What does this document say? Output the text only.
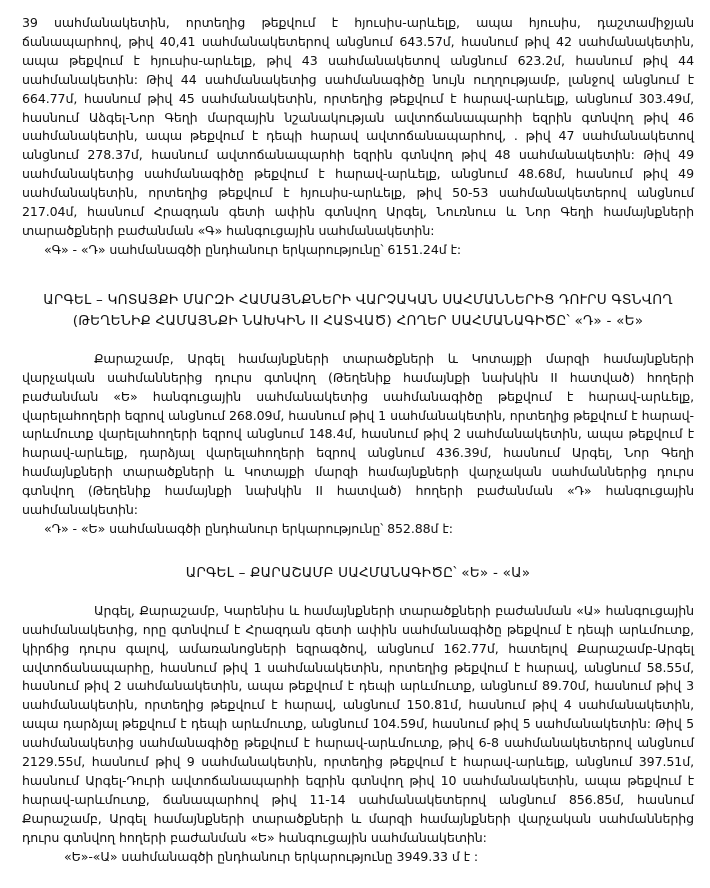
39 սահմանակետին, որտեղից թեքվում է հյուսիս-արևելք, ապա հյուսիս, դաշտամիջյան ճանապարհով, թիվ 40,41 սահմանակետերով անցնում 643.57մ, հասնում թիվ 42 սահմանակետին, ապա թեքվում է հյուսիս-արևելք, թիվ 43 սահմանակետով անցնում 623.2մ, հասնում թիվ 44 սահմանակետին: Թիվ 44 սահմանակետից սահմանագիծը նույն ուղղությամբ, լանջով անցնում է 664.77մ, հասնում թիվ 45 սահմանակետին, որտեղից թեքվում է հարավ-արևելք, անցնում 303.49մ, հասնում Աձգել-Նոր Գեղի մարզային նշանակության ավտոճանապարհի եզրին գտնվող թիվ 46 սահմանակետին, ապա թեքվում է դեպի հարավ ավտոճանապարհով, . թիվ 47 սահմանակետով անցնում 278.37մ, հասնում ավտոճանապարհի եզրին գտնվող թիվ 48 սահմանակետին: Թիվ 49 սահմանակետից սահմանագիծը թեքվում է հարավ-արևելք, անցնում 48.68մ, հասնում թիվ 49 սահմանակետին, որտեղից թեքվում է հյուսիս-արևելք, թիվ 50-53 սահմանակետերով անցնում 217.04մ, հասնում Հրազդան գետի ափին գտնվող Արգել, Նուռնուս և Նոր Գեղի համայնքների տարածքների բաժանման «Գ» հանգուցային սահմանակետին:

«Գ» - «Դ» սահմանագծի ընդհանուր երկարությունը՝ 6151.24մ է:

ԱՐԳԵԼ – ԿՈՏԱՅՔԻ ՄԱՐԶԻ ՀԱՄԱՅՆՔՆԵՐԻ ՎԱՐՉԱԿԱՆ ՍԱՀՄԱՆՆԵՐԻՑ ԴՈՒՐՍ ԳՏՆՎՈՂ

(ԹԵՂԵՆԻՔ ՀԱՄԱՅՆՔԻ ՆԱԽԿԻՆ II ՀԱՏՎԱԾ) ՀՈՂԵՐ ՍԱՀՄԱՆԱԳԻԾԸ՝ «Դ» - «Ե»

Քարաշամբ, Արգել համայնքների տարածքների և Կոտայքի մարզի համայնքների վարչական սահմաններից դուրս գտնվող (Թեղենիք համայնքի նախկին II հատված) հողերի բաժանման «Ե» հանգուցային սահմանակետից սահմանագիծը թեքվում է հարավ-արևելք, վարելահողերի եզրով անցնում 268.09մ, հասնում թիվ 1 սահմանակետին, որտեղից թեքվում է հարավ-արևմուտք վարելահողերի եզրով անցնում 148.4մ, հասնում թիվ 2 սահմանակետին, ապա թեքվում է հարավ-արևելք, դարձյալ վարելահողերի եզրով անցնում 436.39մ, հասնում Արգել, Նոր Գեղի համայնքների տարածքների և Կոտայքի մարզի համայնքների վարչական սահմաններից դուրս գտնվող (Թեղենիք համայնքի նախկին II հատված) հողերի բաժանման «Դ» հանգուցային սահմանակետին:

«Դ» - «Ե» սահմանագծի ընդհանուր երկարությունը՝ 852.88մ է:

ԱՐԳԵԼ – ՔԱՐԱՇԱՄԲ ՍԱՀՄԱՆԱԳԻԾԸ՝ «Ե» - «Ա»

Արգել, Քարաշամբ, Կարենիս և համայնքների տարածքների բաժանման «Ա» հանգուցային սահմանակետից, որը գտնվում է Հրազդան գետի ափին սահմանագիծը թեքվում է դեպի արևմուտք, կիրճից դուրս գալով, ամառանոցների եզրագծով, անցնում 162.77մ, հատելով Քարաշամբ-Արգել ավտոճանապարհը, հասնում թիվ 1 սահմանակետին, որտեղից թեքվում է հարավ, անցնում 58.55մ, հասնում թիվ 2 սահմանակետին, ապա թեքվում է դեպի արևմուտք, անցնում 89.70մ, հասնում թիվ 3 սահմանակետին, որտեղից թեքվում է հարավ, անցնում 150.81մ, հասնում թիվ 4 սահմանակետին, ապա դարձյալ թեքվում է դեպի արևմուտք, անցնում 104.59մ, հասնում թիվ 5 սահմանակետին: Թիվ 5 սահմանակետից սահմանագիծը թեքվում է հարավ-արևմուտք, թիվ 6-8 սահմանակետերով անցնում 2129.55մ, հասնում թիվ 9 սահմանակետին, որտեղից թեքվում է հարավ-արևելք, անցնում 397.51մ, հասնում Արգել-Դուրի ավտոճանապարհի եզրին գտնվող թիվ 10 սահմանակետին, ապա թեքվում է հարավ-արևմուտք, ճանապարհով թիվ 11-14 սահմանակետերով անցնում 856.85մ, հասնում Քարաշամբ, Արգել համայնքների տարածքների և մարզի համայնքների վարչական սահմաններից դուրս գտնվող հողերի բաժանման «Ե» հանգուցային սահմանակետին:

«Ե»-«Ա» սահմանագծի ընդհանուր երկարությունը 3949.33 մ է :
